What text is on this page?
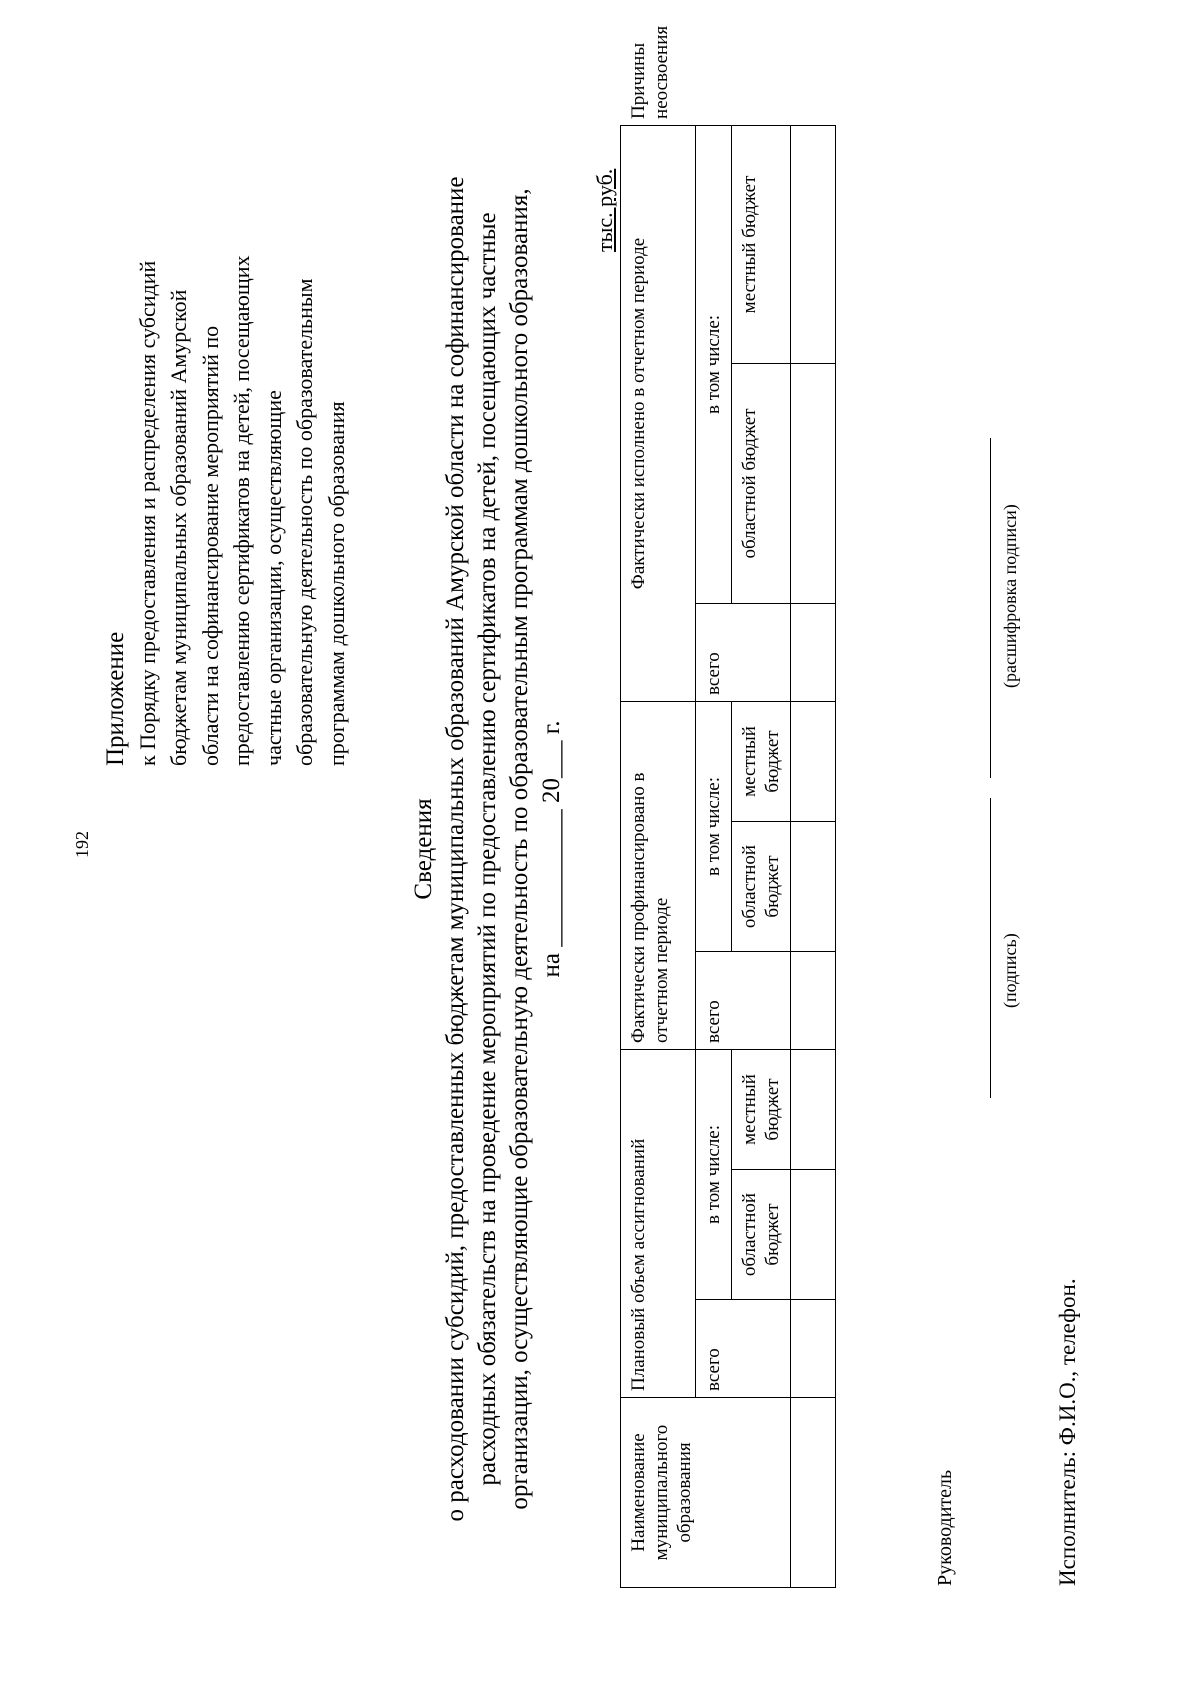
192
Приложение к Порядку предоставления и распределения субсидий бюджетам муниципальных образований Амурской области на софинансирование мероприятий по предоставлению сертификатов на детей, посещающих частные организации, осуществляющие образовательную деятельность по образовательным программам дошкольного образования
Сведения о расходовании субсидий, предоставленных бюджетам муниципальных образований Амурской области на софинансирование расходных обязательств на проведение мероприятий по предоставлению сертификатов на детей, посещающих частные организации, осуществляющие образовательную деятельность по образовательным программам дошкольного образования, на ___________ 20___ г.
тыс. руб.
Наименование муниципального образования	Плановый объем ассигнований			Фактически профинансировано в отчетном периоде			Фактически исполнено в отчетном периоде			Причины неосвоения
	всего	в том числе:		всего	в том числе:		всего	в том числе:		
		областной бюджет	местный бюджет		областной бюджет	местный бюджет		областной бюджет	местный бюджет	

Руководитель
(подпись)
(расшифровка подписи)
Исполнитель: Ф.И.О., телефон.
